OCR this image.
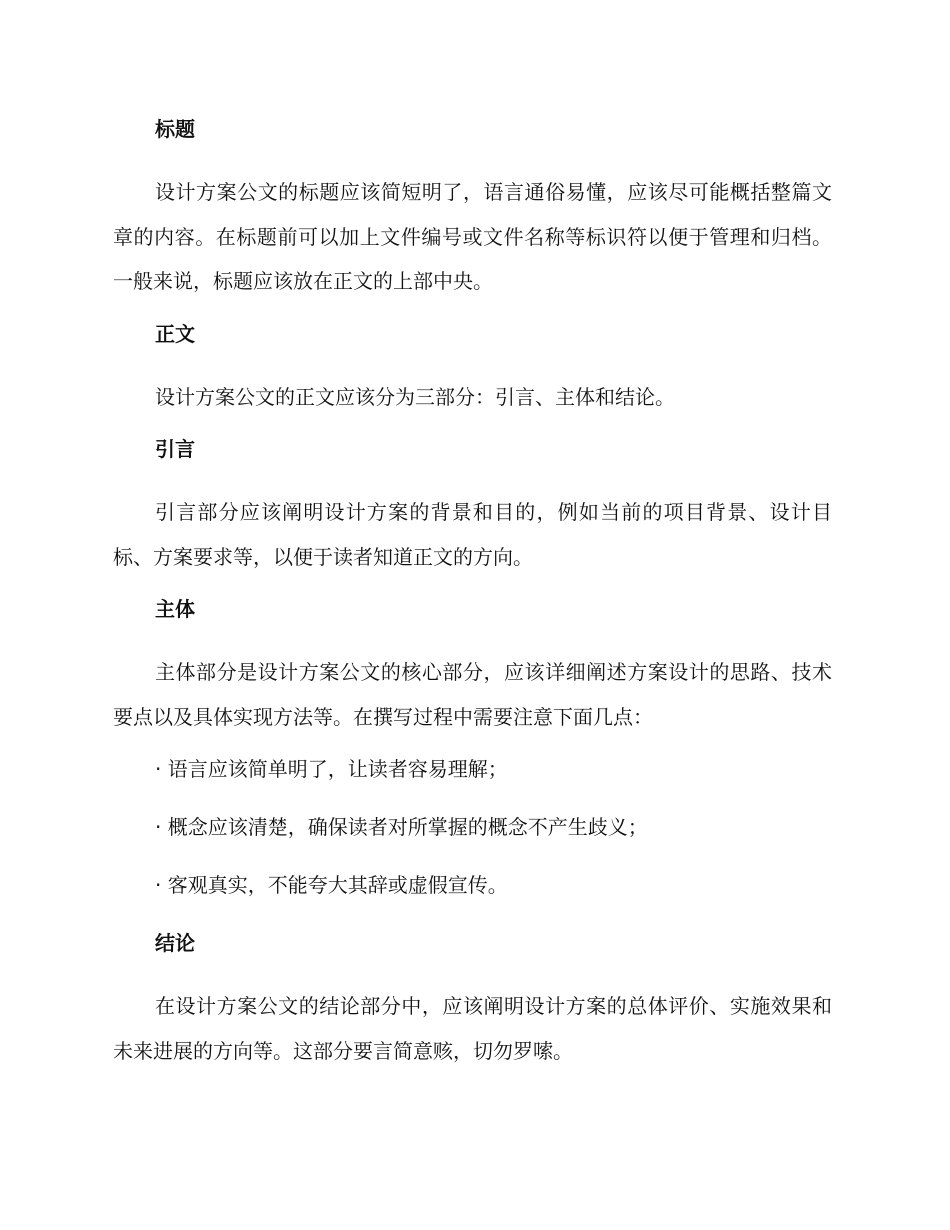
标题

设计方案公文的标题应该简短明了，语言通俗易懂，应该尽可能概括整篇文章的内容。在标题前可以加上文件编号或文件名称等标识符以便于管理和归档。一般来说，标题应该放在正文的上部中央。

正文

设计方案公文的正文应该分为三部分：引言、主体和结论。

引言

引言部分应该阐明设计方案的背景和目的，例如当前的项目背景、设计目标、方案要求等，以便于读者知道正文的方向。

主体

主体部分是设计方案公文的核心部分，应该详细阐述方案设计的思路、技术要点以及具体实现方法等。在撰写过程中需要注意下面几点：

· 语言应该简单明了，让读者容易理解；
· 概念应该清楚，确保读者对所掌握的概念不产生歧义；
· 客观真实，不能夸大其辞或虚假宣传。
结论

在设计方案公文的结论部分中，应该阐明设计方案的总体评价、实施效果和未来进展的方向等。这部分要言简意赅，切勿罗嗦。
